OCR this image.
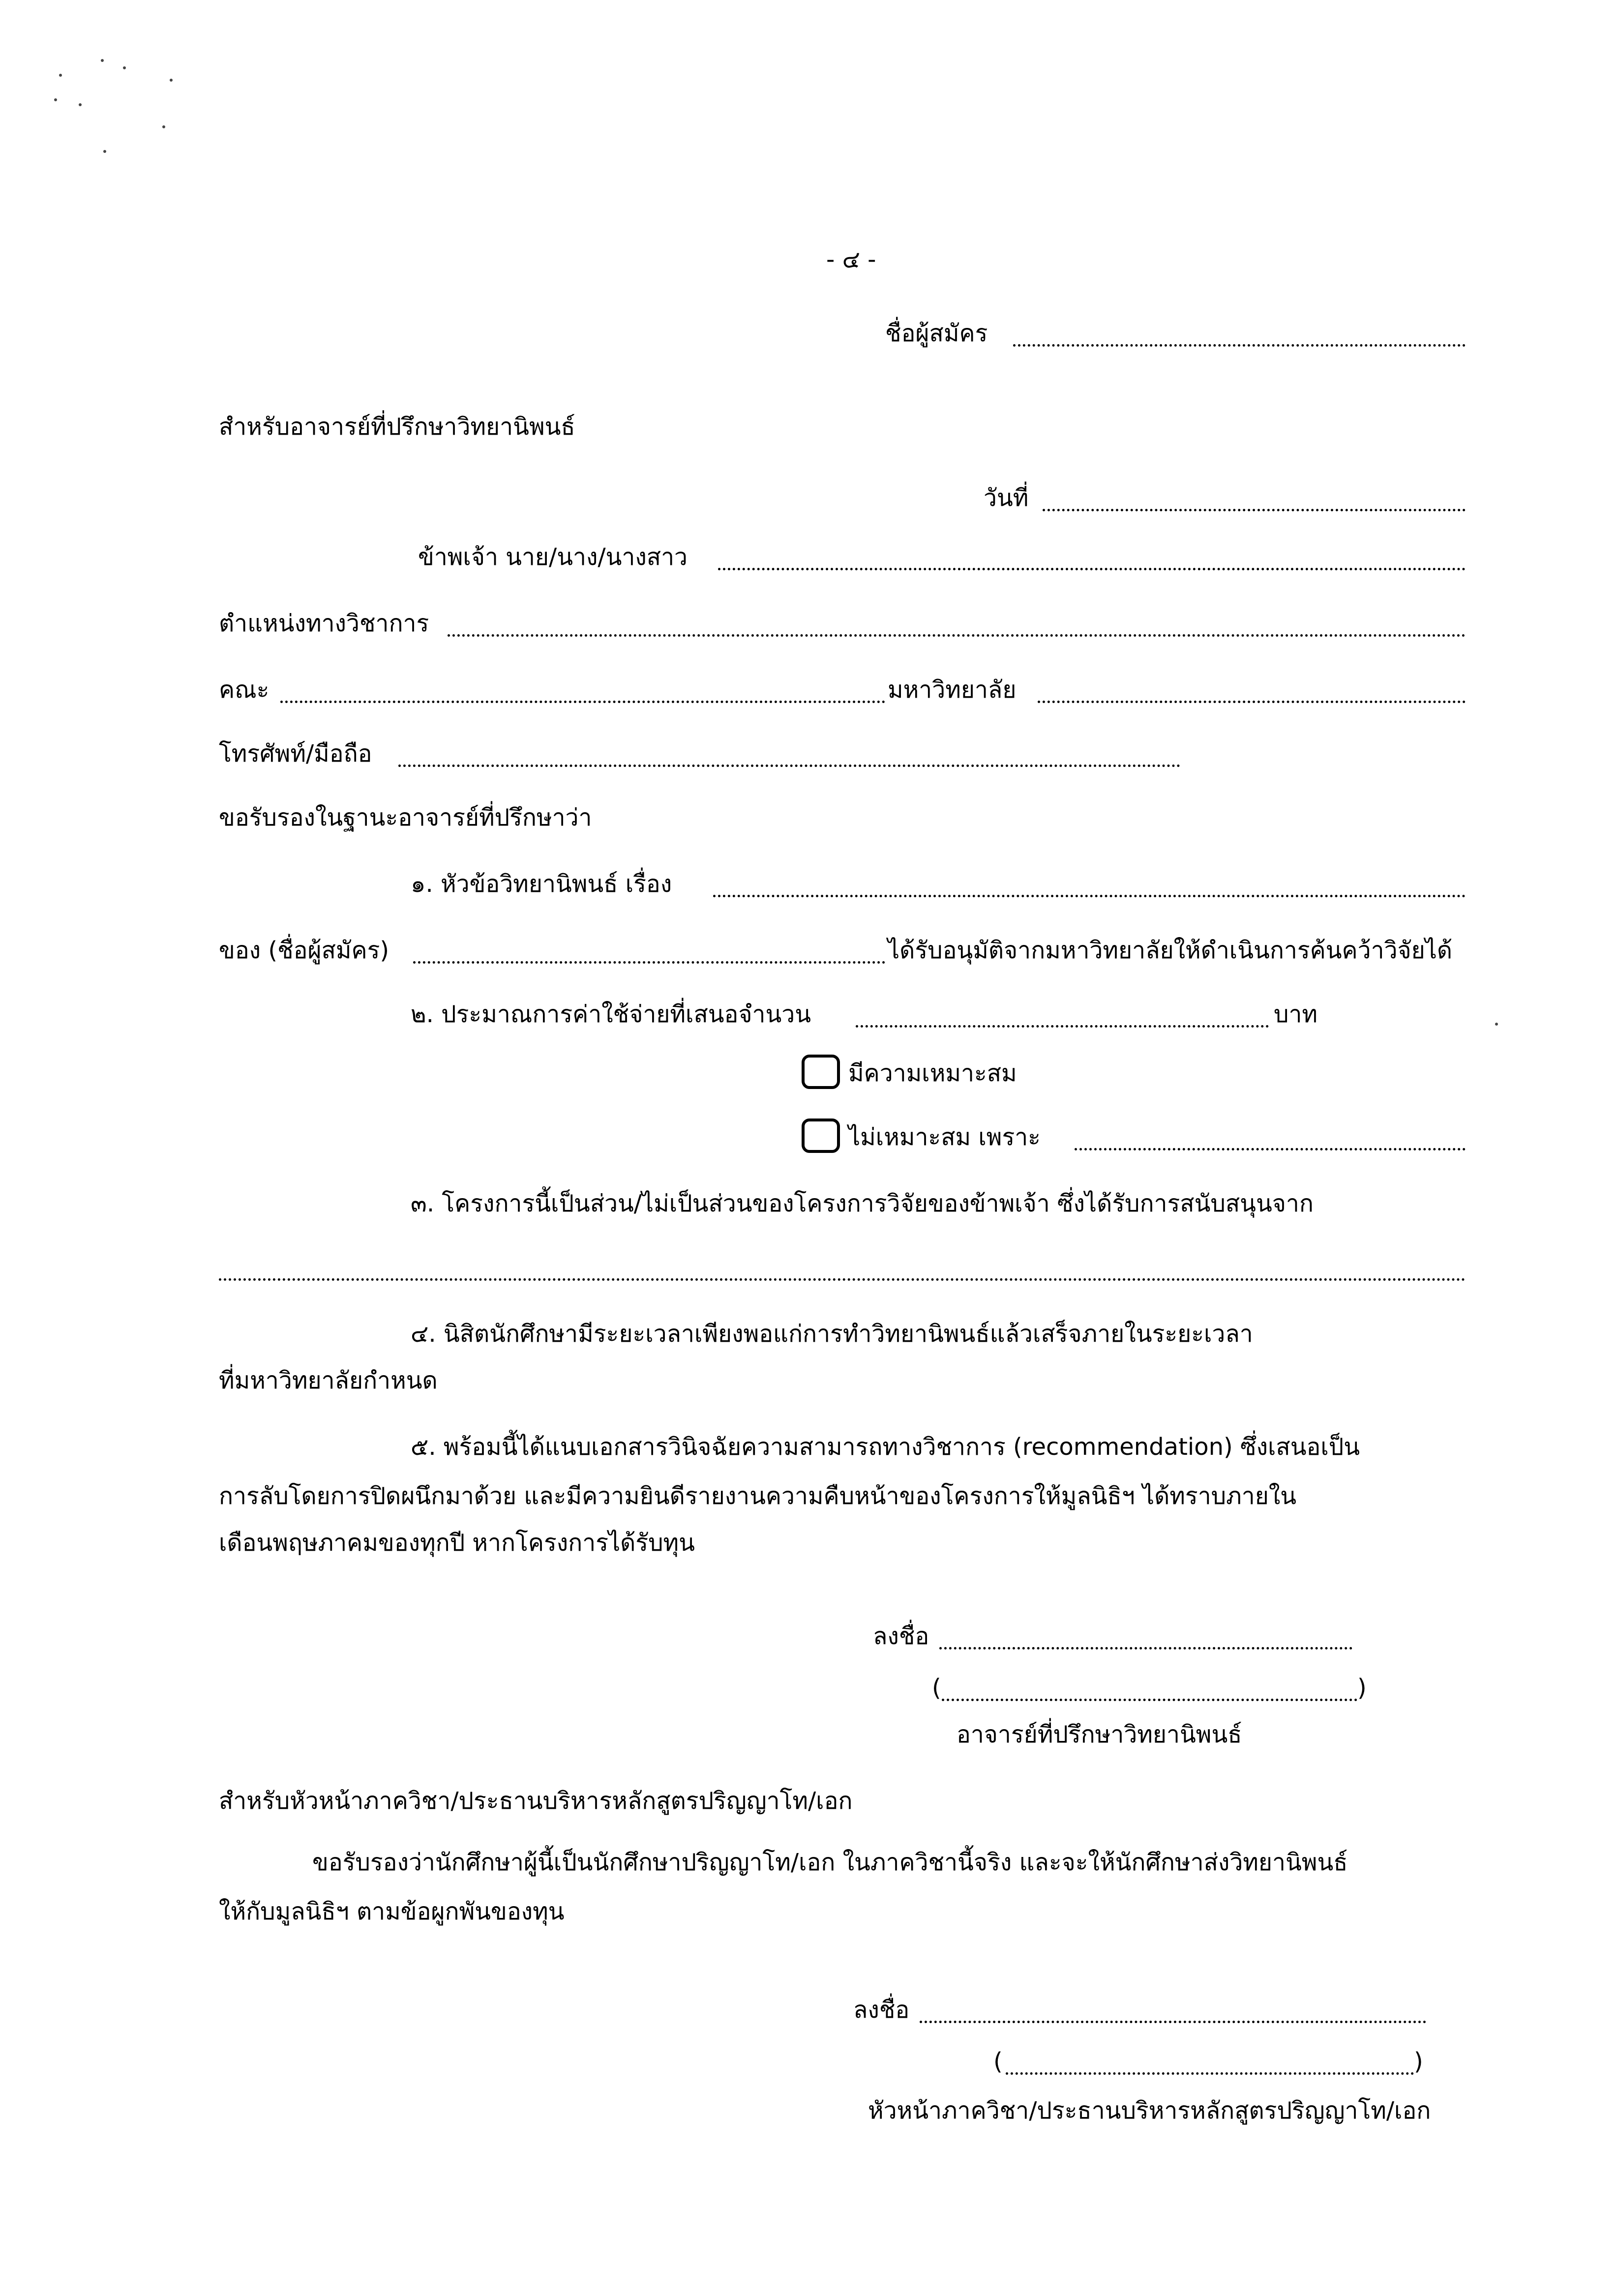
- ๔ -
ชื่อผู้สมัคร
สำหรับอาจารย์ที่ปรึกษาวิทยานิพนธ์
วันที่
ข้าพเจ้า นาย/นาง/นางสาว
ตำแหน่งทางวิชาการ
คณะ	มหาวิทยาลัย
โทรศัพท์/มือถือ
ขอรับรองในฐานะอาจารย์ที่ปรึกษาว่า
๑. หัวข้อวิทยานิพนธ์ เรื่อง
ของ (ชื่อผู้สมัคร)	ได้รับอนุมัติจากมหาวิทยาลัยให้ดำเนินการค้นคว้าวิจัยได้
๒. ประมาณการค่าใช้จ่ายที่เสนอจำนวน	บาท
มีความเหมาะสม
ไม่เหมาะสม เพราะ
๓. โครงการนี้เป็นส่วน/ไม่เป็นส่วนของโครงการวิจัยของข้าพเจ้า ซึ่งได้รับการสนับสนุนจาก
๔. นิสิตนักศึกษามีระยะเวลาเพียงพอแก่การทำวิทยานิพนธ์แล้วเสร็จภายในระยะเวลา
ที่มหาวิทยาลัยกำหนด
๕. พร้อมนี้ได้แนบเอกสารวินิจฉัยความสามารถทางวิชาการ (recommendation) ซึ่งเสนอเป็น
การลับโดยการปิดผนึกมาด้วย และมีความยินดีรายงานความคืบหน้าของโครงการให้มูลนิธิฯ ได้ทราบภายใน
เดือนพฤษภาคมของทุกปี หากโครงการได้รับทุน
ลงชื่อ
(	)
อาจารย์ที่ปรึกษาวิทยานิพนธ์
สำหรับหัวหน้าภาควิชา/ประธานบริหารหลักสูตรปริญญาโท/เอก
ขอรับรองว่านักศึกษาผู้นี้เป็นนักศึกษาปริญญาโท/เอก ในภาควิชานี้จริง และจะให้นักศึกษาส่งวิทยานิพนธ์
ให้กับมูลนิธิฯ ตามข้อผูกพันของทุน
ลงชื่อ
(	)
หัวหน้าภาควิชา/ประธานบริหารหลักสูตรปริญญาโท/เอก
